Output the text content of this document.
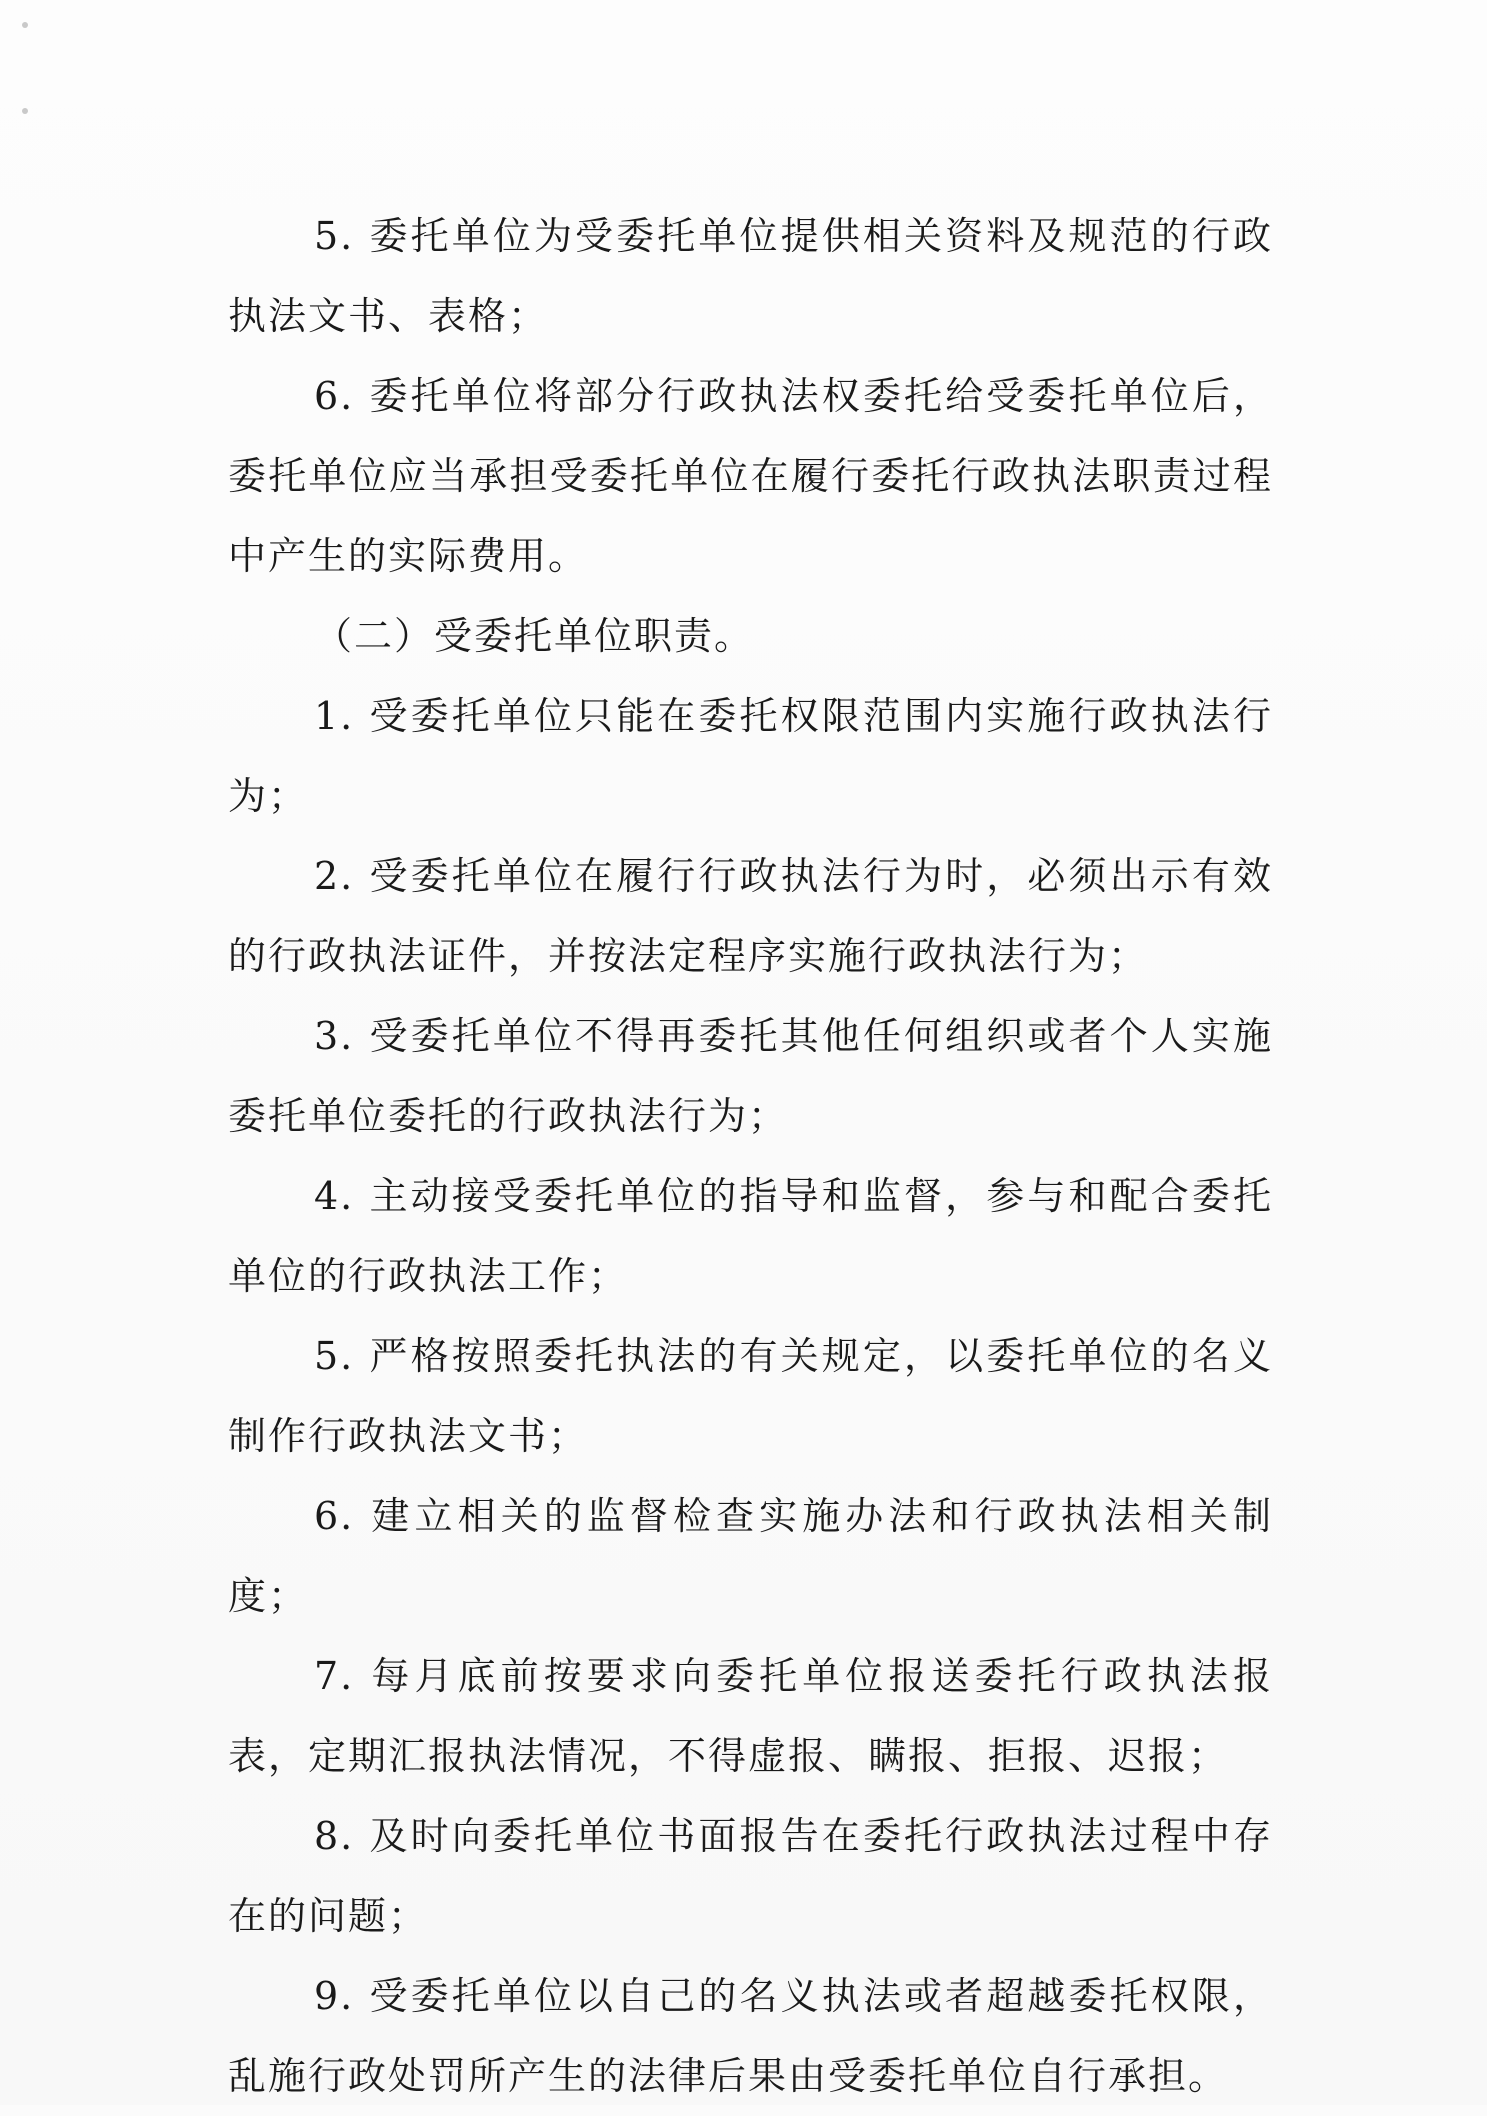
5. 委托单位为受委托单位提供相关资料及规范的行政执法文书、表格；

6. 委托单位将部分行政执法权委托给受委托单位后，委托单位应当承担受委托单位在履行委托行政执法职责过程中产生的实际费用。

（二）受委托单位职责。

1. 受委托单位只能在委托权限范围内实施行政执法行为；

2. 受委托单位在履行行政执法行为时，必须出示有效的行政执法证件，并按法定程序实施行政执法行为；

3. 受委托单位不得再委托其他任何组织或者个人实施委托单位委托的行政执法行为；

4. 主动接受委托单位的指导和监督，参与和配合委托单位的行政执法工作；

5. 严格按照委托执法的有关规定，以委托单位的名义制作行政执法文书；

6. 建立相关的监督检查实施办法和行政执法相关制度；

7. 每月底前按要求向委托单位报送委托行政执法报表，定期汇报执法情况，不得虚报、瞒报、拒报、迟报；

8. 及时向委托单位书面报告在委托行政执法过程中存在的问题；

9. 受委托单位以自己的名义执法或者超越委托权限，乱施行政处罚所产生的法律后果由受委托单位自行承担。
